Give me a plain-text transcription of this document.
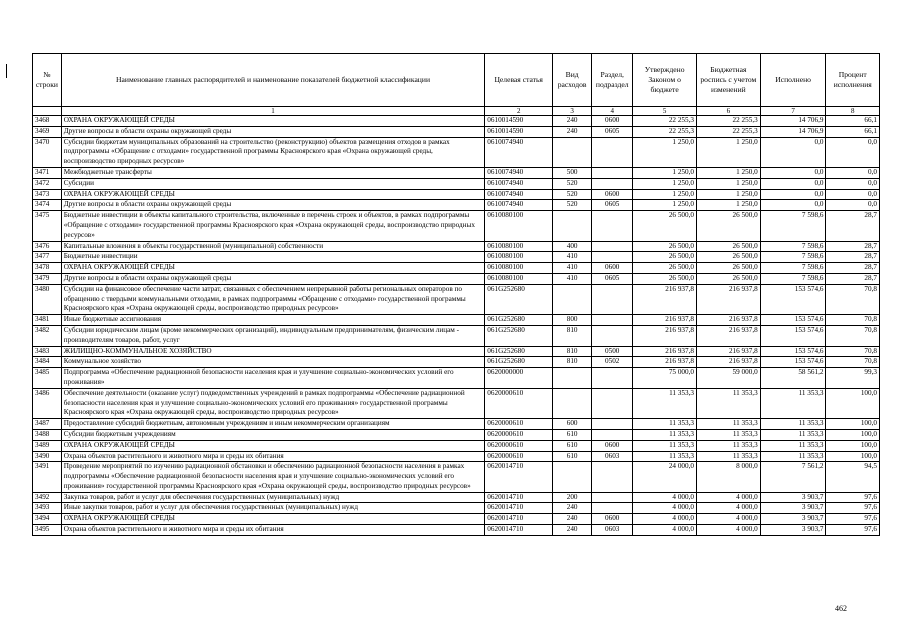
№ строки	Наименование главных распорядителей и наименование показателей бюджетной классификации	Целевая статья	Вид расходов	Раздел, подраздел	Утверждено Законом о бюджете	Бюджетная роспись с учетом изменений	Исполнено	Процент исполнения
	1	2	3	4	5	6	7	8
3468	ОХРАНА ОКРУЖАЮЩЕЙ СРЕДЫ	0610014590	240	0600	22 255,3	22 255,3	14 706,9	66,1
3469	Другие вопросы в области охраны окружающей среды	0610014590	240	0605	22 255,3	22 255,3	14 706,9	66,1
3470	Субсидии бюджетам муниципальных образований на строительство (реконструкцию) объектов размещения отходов в рамках подпрограммы «Обращение с отходами» государственной программы Красноярского края «Охрана окружающей среды, воспроизводство природных ресурсов»	0610074940			1 250,0	1 250,0	0,0	0,0
3471	Межбюджетные трансферты	0610074940	500		1 250,0	1 250,0	0,0	0,0
3472	Субсидии	0610074940	520		1 250,0	1 250,0	0,0	0,0
3473	ОХРАНА ОКРУЖАЮЩЕЙ СРЕДЫ	0610074940	520	0600	1 250,0	1 250,0	0,0	0,0
3474	Другие вопросы в области охраны окружающей среды	0610074940	520	0605	1 250,0	1 250,0	0,0	0,0
3475	Бюджетные инвестиции в объекты капитального строительства, включенные в перечень строек и объектов, в рамках подпрограммы «Обращение с отходами» государственной программы Красноярского края «Охрана окружающей среды, воспроизводство природных ресурсов»	0610080100			26 500,0	26 500,0	7 598,6	28,7
3476	Капитальные вложения в объекты государственной (муниципальной) собственности	0610080100	400		26 500,0	26 500,0	7 598,6	28,7
3477	Бюджетные инвестиции	0610080100	410		26 500,0	26 500,0	7 598,6	28,7
3478	ОХРАНА ОКРУЖАЮЩЕЙ СРЕДЫ	0610080100	410	0600	26 500,0	26 500,0	7 598,6	28,7
3479	Другие вопросы в области охраны окружающей среды	0610080100	410	0605	26 500,0	26 500,0	7 598,6	28,7
3480	Субсидии на финансовое обеспечение части затрат, связанных с обеспечением непрерывной работы региональных операторов по обращению с твердыми коммунальными отходами, в рамках подпрограммы «Обращение с отходами» государственной программы Красноярского края «Охрана окружающей среды, воспроизводство природных ресурсов»	061G252680			216 937,8	216 937,8	153 574,6	70,8
3481	Иные бюджетные ассигнования	061G252680	800		216 937,8	216 937,8	153 574,6	70,8
3482	Субсидии юридическим лицам (кроме некоммерческих организаций), индивидуальным предпринимателям, физическим лицам - производителям товаров, работ, услуг	061G252680	810		216 937,8	216 937,8	153 574,6	70,8
3483	ЖИЛИЩНО-КОММУНАЛЬНОЕ ХОЗЯЙСТВО	061G252680	810	0500	216 937,8	216 937,8	153 574,6	70,8
3484	Коммунальное хозяйство	061G252680	810	0502	216 937,8	216 937,8	153 574,6	70,8
3485	Подпрограмма «Обеспечение радиационной безопасности населения края и улучшение социально-экономических условий его проживания»	0620000000			75 000,0	59 000,0	58 561,2	99,3
3486	Обеспечение деятельности (оказание услуг) подведомственных учреждений в рамках подпрограммы «Обеспечение радиационной безопасности населения края и улучшение социально-экономических условий его проживания» государственной программы Красноярского края «Охрана окружающей среды, воспроизводство природных ресурсов»	0620000610			11 353,3	11 353,3	11 353,3	100,0
3487	Предоставление субсидий бюджетным, автономным учреждениям и иным некоммерческим организациям	0620000610	600		11 353,3	11 353,3	11 353,3	100,0
3488	Субсидии бюджетным учреждениям	0620000610	610		11 353,3	11 353,3	11 353,3	100,0
3489	ОХРАНА ОКРУЖАЮЩЕЙ СРЕДЫ	0620000610	610	0600	11 353,3	11 353,3	11 353,3	100,0
3490	Охрана объектов растительного и животного мира и среды их обитания	0620000610	610	0603	11 353,3	11 353,3	11 353,3	100,0
3491	Проведение мероприятий по изучению радиационной обстановки и обеспечению радиационной безопасности населения в рамках подпрограммы «Обеспечение радиационной безопасности населения края и улучшение социально-экономических условий его проживания» государственной программы Красноярского края «Охрана окружающей среды, воспроизводство природных ресурсов»	0620014710			24 000,0	8 000,0	7 561,2	94,5
3492	Закупка товаров, работ и услуг для обеспечения государственных (муниципальных) нужд	0620014710	200		4 000,0	4 000,0	3 903,7	97,6
3493	Иные закупки товаров, работ и услуг для обеспечения государственных (муниципальных) нужд	0620014710	240		4 000,0	4 000,0	3 903,7	97,6
3494	ОХРАНА ОКРУЖАЮЩЕЙ СРЕДЫ	0620014710	240	0600	4 000,0	4 000,0	3 903,7	97,6
3495	Охрана объектов растительного и животного мира и среды их обитания	0620014710	240	0603	4 000,0	4 000,0	3 903,7	97,6
462
